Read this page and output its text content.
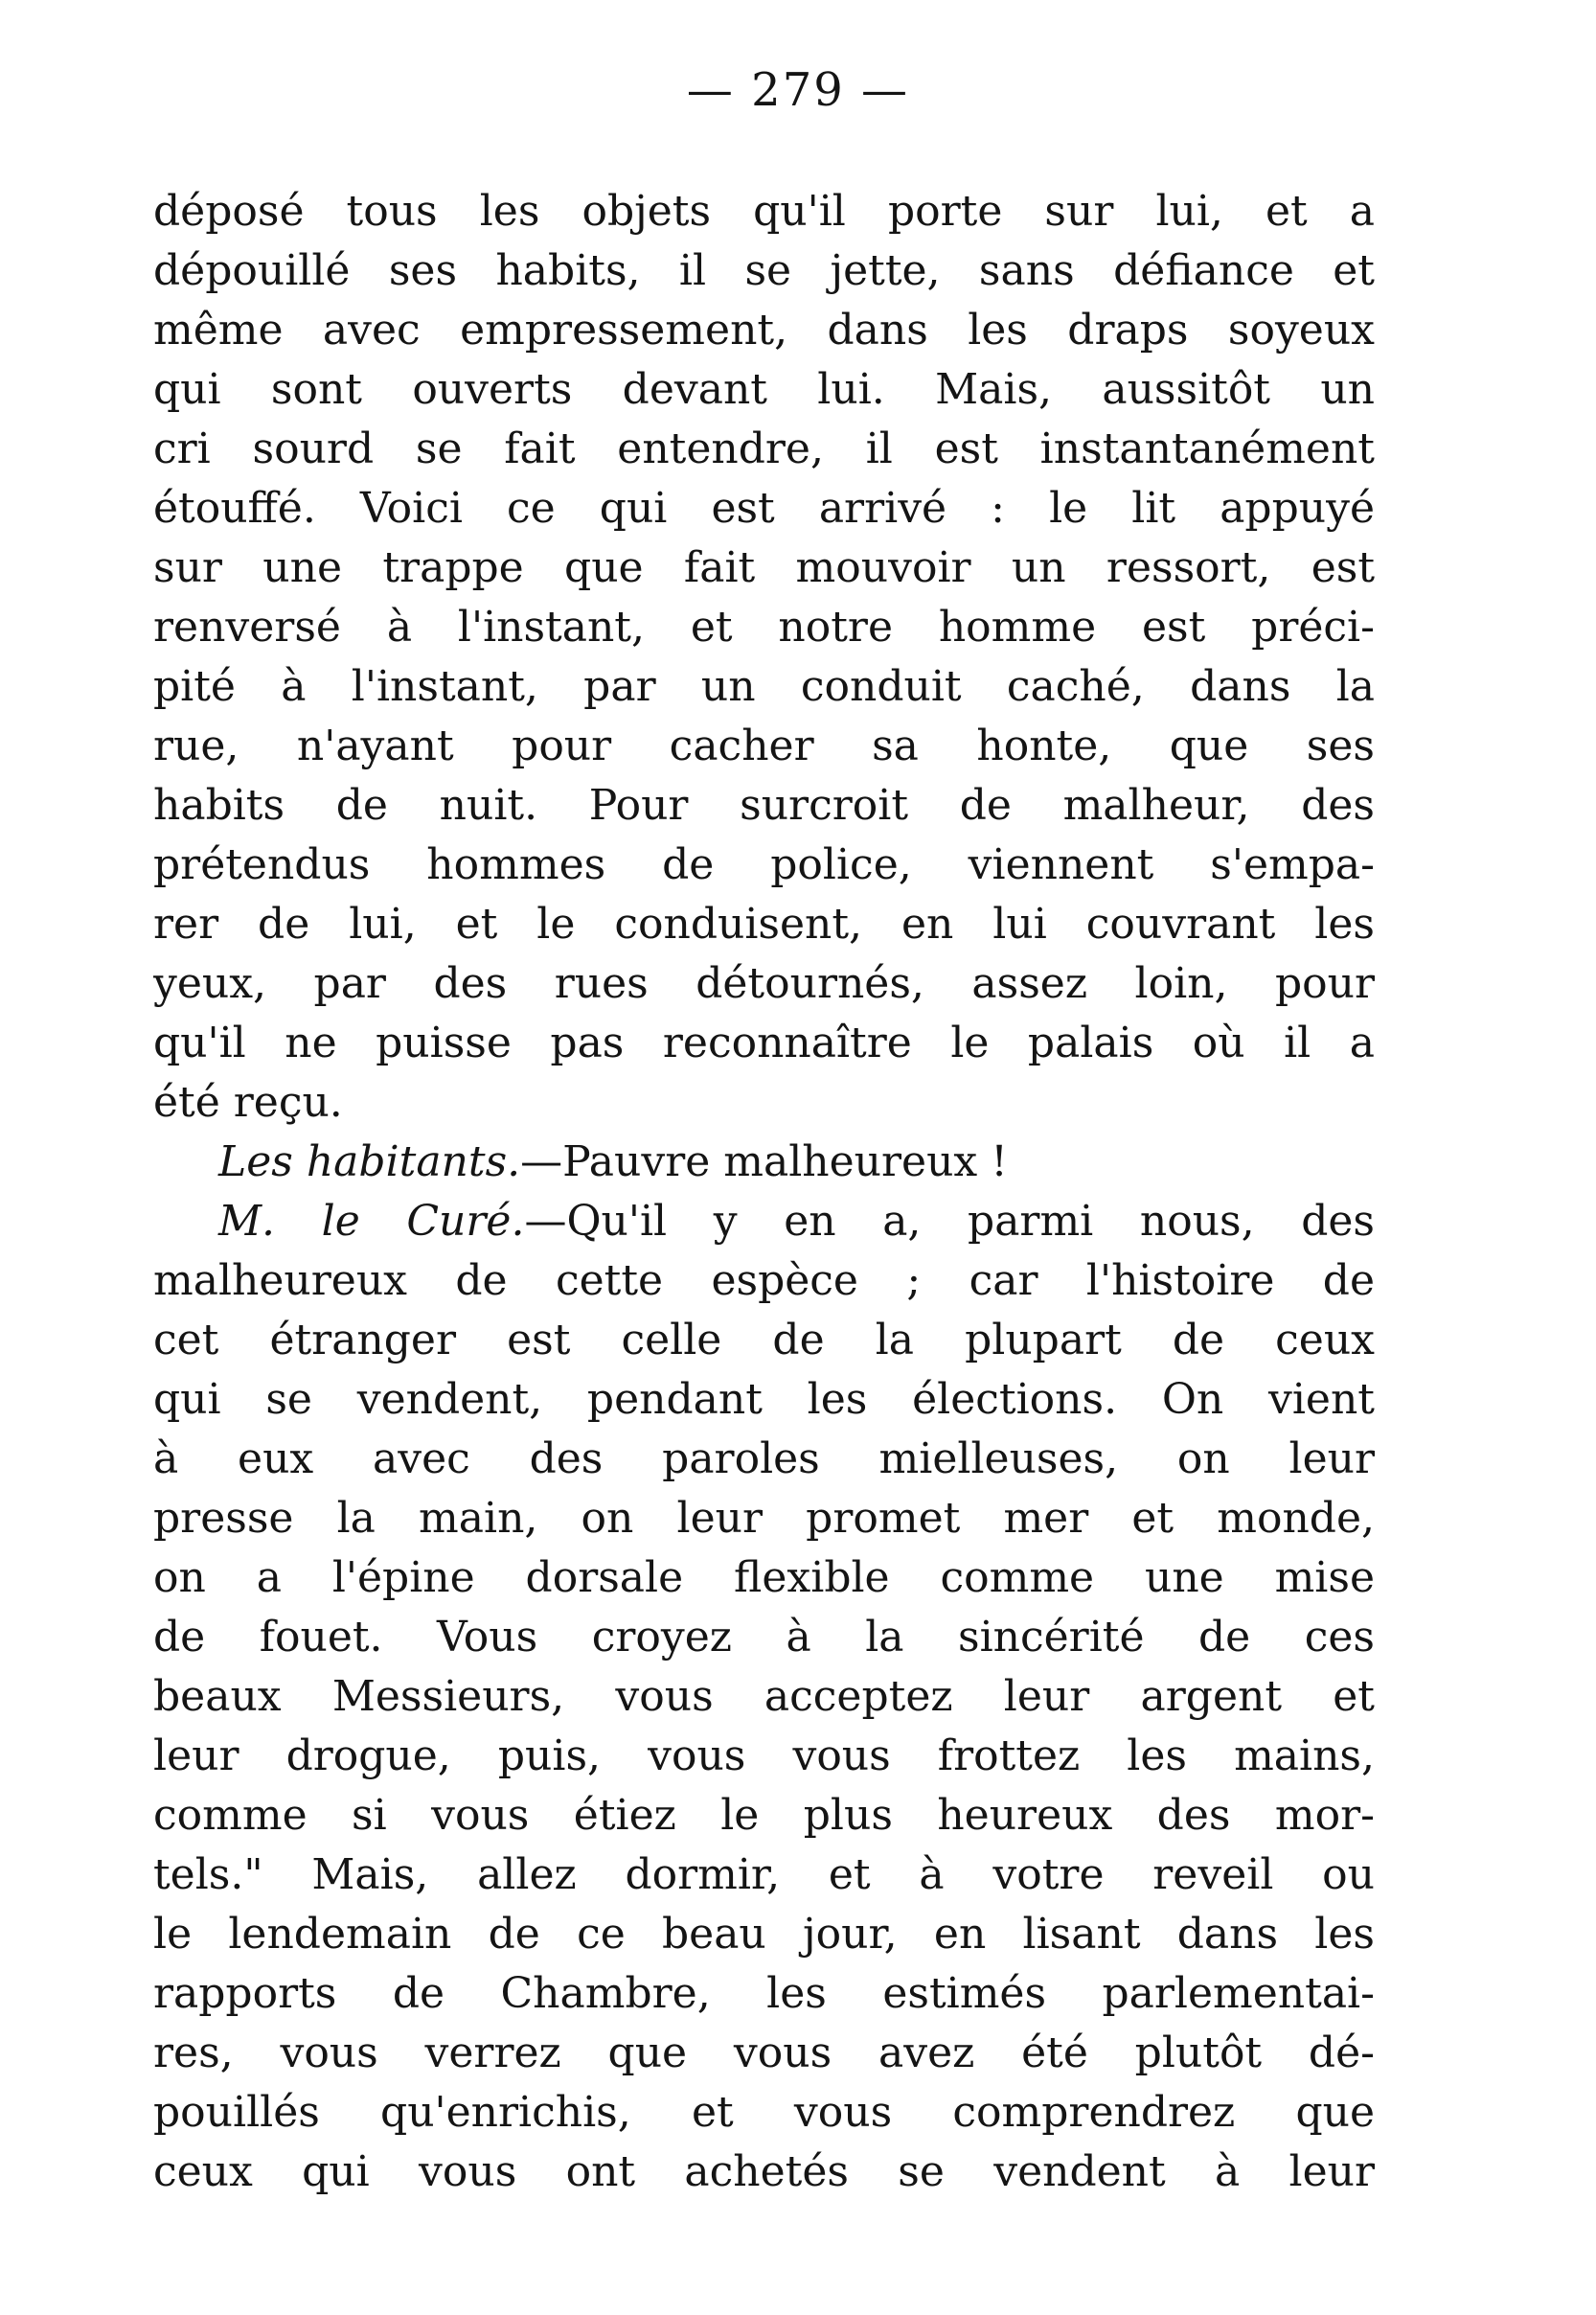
— 279 —
déposé tous les objets qu'il porte sur lui, et a
dépouillé ses habits, il se jette, sans défiance et
même avec empressement, dans les draps soyeux
qui sont ouverts devant lui. Mais, aussitôt un
cri sourd se fait entendre, il est instantanément
étouffé. Voici ce qui est arrivé : le lit appuyé
sur une trappe que fait mouvoir un ressort, est
renversé à l'instant, et notre homme est préci-
pité à l'instant, par un conduit caché, dans la
rue, n'ayant pour cacher sa honte, que ses
habits de nuit. Pour surcroit de malheur, des
prétendus hommes de police, viennent s'empa-
rer de lui, et le conduisent, en lui couvrant les
yeux, par des rues détournés, assez loin, pour
qu'il ne puisse pas reconnaître le palais où il a
été reçu.
Les habitants.—Pauvre malheureux !
M. le Curé.—Qu'il y en a, parmi nous, des
malheureux de cette espèce ; car l'histoire de
cet étranger est celle de la plupart de ceux
qui se vendent, pendant les élections. On vient
à eux avec des paroles mielleuses, on leur
presse la main, on leur promet mer et monde,
on a l'épine dorsale flexible comme une mise
de fouet. Vous croyez à la sincérité de ces
beaux Messieurs, vous acceptez leur argent et
leur drogue, puis, vous vous frottez les mains,
comme si vous étiez le plus heureux des mor-
tels." Mais, allez dormir, et à votre reveil ou
le lendemain de ce beau jour, en lisant dans les
rapports de Chambre, les estimés parlementai-
res, vous verrez que vous avez été plutôt dé-
pouillés qu'enrichis, et vous comprendrez que
ceux qui vous ont achetés se vendent à leur
